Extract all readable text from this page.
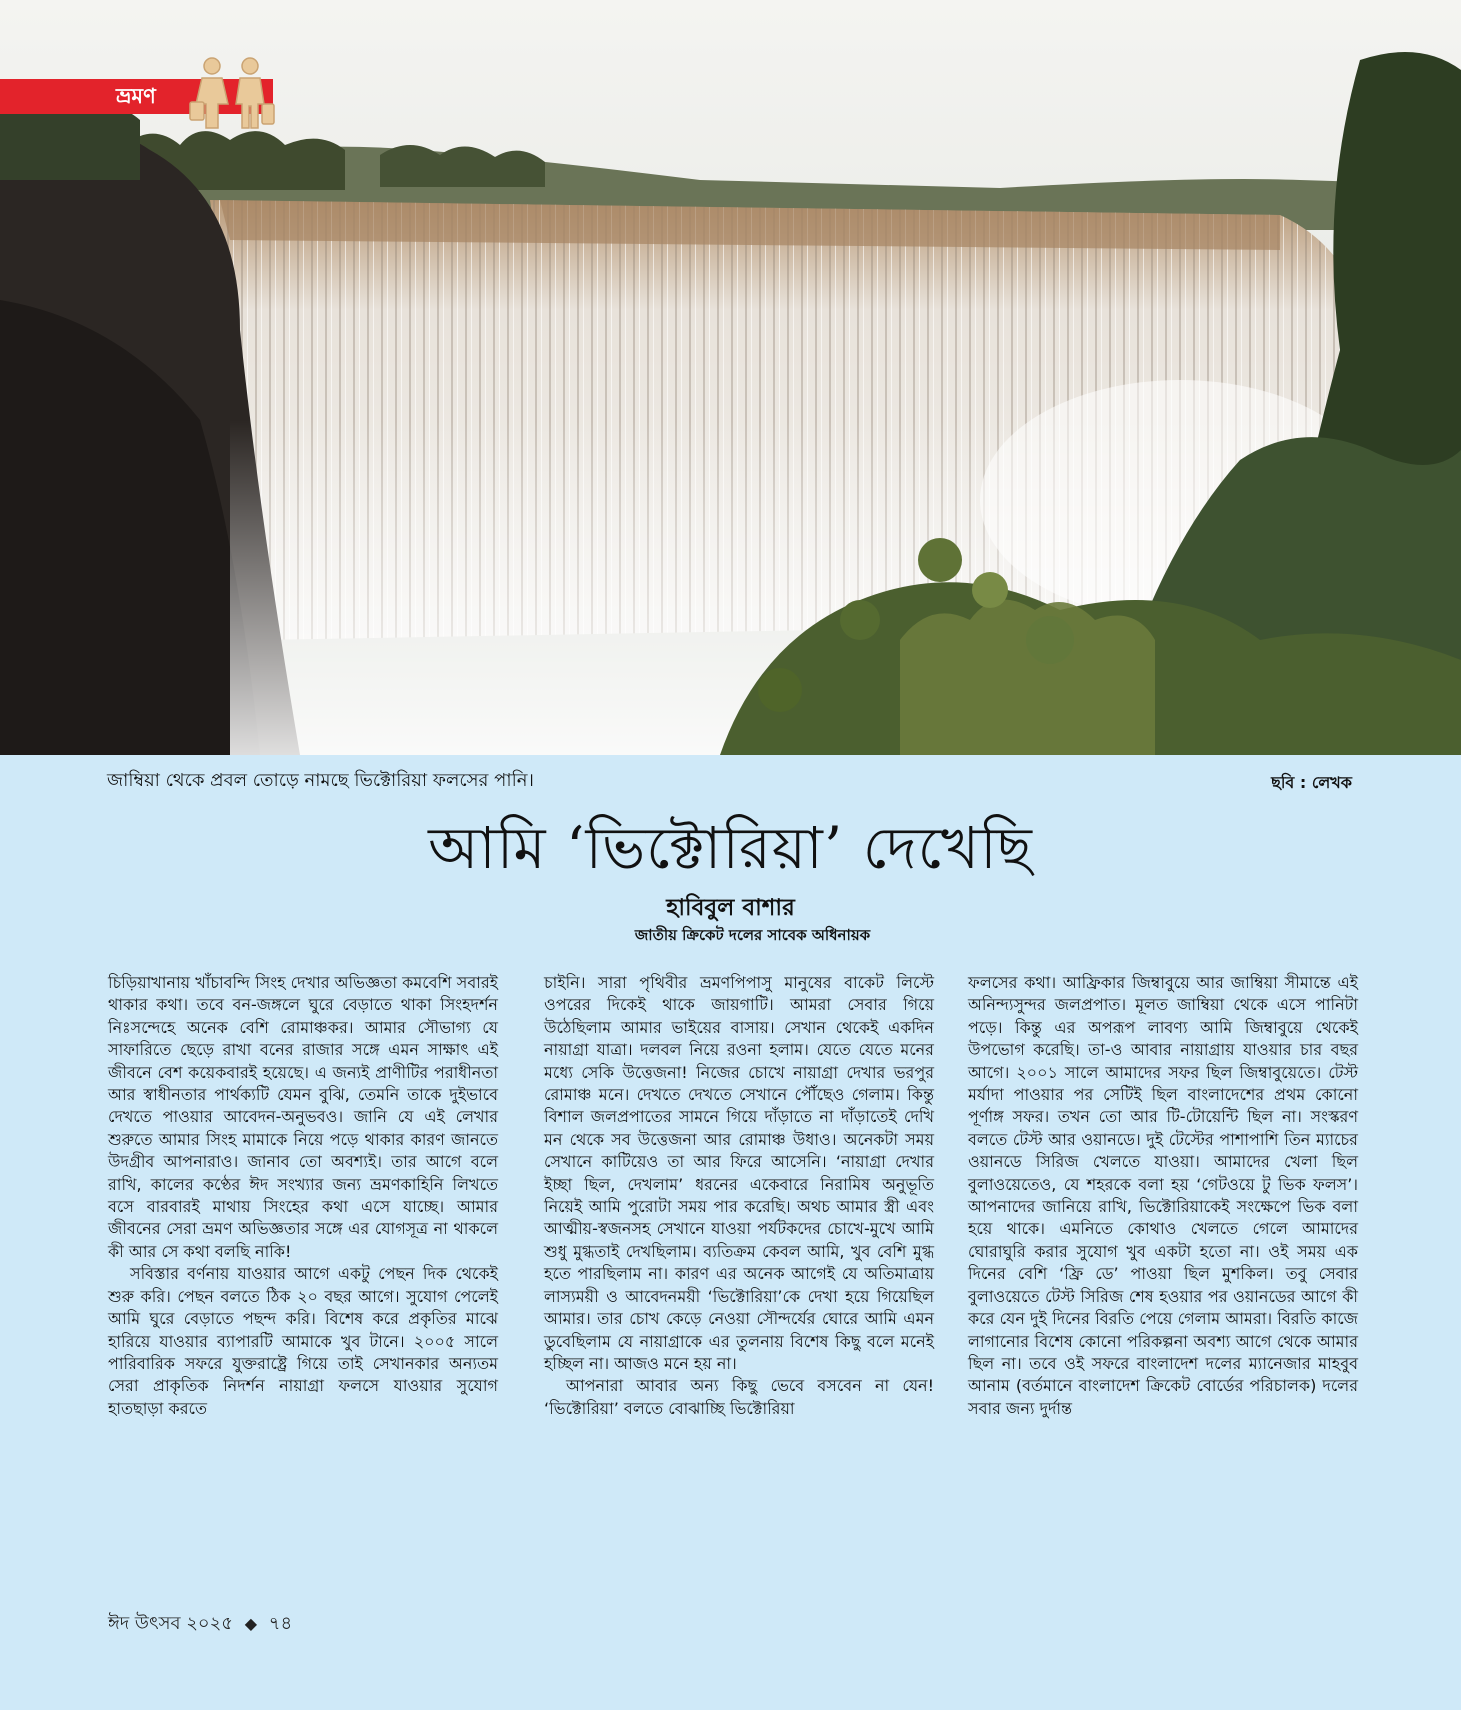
ভ্রমণ
জাম্বিয়া থেকে প্রবল তোড়ে নামছে ভিক্টোরিয়া ফলসের পানি।	ছবি : লেখক
আমি ‘ভিক্টোরিয়া’ দেখেছি
হাবিবুল বাশার
জাতীয় ক্রিকেট দলের সাবেক অধিনায়ক

চিড়িয়াখানায় খাঁচাবন্দি সিংহ দেখার অভিজ্ঞতা কমবেশি সবারই থাকার কথা। তবে বন-জঙ্গলে ঘুরে বেড়াতে থাকা সিংহদর্শন নিঃসন্দেহে অনেক বেশি রোমাঞ্চকর। আমার সৌভাগ্য যে সাফারিতে ছেড়ে রাখা বনের রাজার সঙ্গে এমন সাক্ষাৎ এই জীবনে বেশ কয়েকবারই হয়েছে। এ জন্যই প্রাণীটির পরাধীনতা আর স্বাধীনতার পার্থক্যটি যেমন বুঝি, তেমনি তাকে দুইভাবে দেখতে পাওয়ার আবেদন-অনুভবও। জানি যে এই লেখার শুরুতে আমার সিংহ মামাকে নিয়ে পড়ে থাকার কারণ জানতে উদগ্রীব আপনারাও। জানাব তো অবশ্যই। তার আগে বলে রাখি, কালের কণ্ঠের ঈদ সংখ্যার জন্য ভ্রমণকাহিনি লিখতে বসে বারবারই মাথায় সিংহের কথা এসে যাচ্ছে। আমার জীবনের সেরা ভ্রমণ অভিজ্ঞতার সঙ্গে এর যোগসূত্র না থাকলে কী আর সে কথা বলছি নাকি!

সবিস্তার বর্ণনায় যাওয়ার আগে একটু পেছন দিক থেকেই শুরু করি। পেছন বলতে ঠিক ২০ বছর আগে। সুযোগ পেলেই আমি ঘুরে বেড়াতে পছন্দ করি। বিশেষ করে প্রকৃতির মাঝে হারিয়ে যাওয়ার ব্যাপারটি আমাকে খুব টানে। ২০০৫ সালে পারিবারিক সফরে যুক্তরাষ্ট্রে গিয়ে তাই সেখানকার অন্যতম সেরা প্রাকৃতিক নিদর্শন নায়াগ্রা ফলসে যাওয়ার সুযোগ হাতছাড়া করতে

চাইনি। সারা পৃথিবীর ভ্রমণপিপাসু মানুষের বাকেট লিস্টে ওপরের দিকেই থাকে জায়গাটি। আমরা সেবার গিয়ে উঠেছিলাম আমার ভাইয়ের বাসায়। সেখান থেকেই একদিন নায়াগ্রা যাত্রা। দলবল নিয়ে রওনা হলাম। যেতে যেতে মনের মধ্যে সেকি উত্তেজনা! নিজের চোখে নায়াগ্রা দেখার ভরপুর রোমাঞ্চ মনে। দেখতে দেখতে সেখানে পৌঁছেও গেলাম। কিন্তু বিশাল জলপ্রপাতের সামনে গিয়ে দাঁড়াতে না দাঁড়াতেই দেখি মন থেকে সব উত্তেজনা আর রোমাঞ্চ উধাও। অনেকটা সময় সেখানে কাটিয়েও তা আর ফিরে আসেনি। ‘নায়াগ্রা দেখার ইচ্ছা ছিল, দেখলাম’ ধরনের একেবারে নিরামিষ অনুভূতি নিয়েই আমি পুরোটা সময় পার করেছি। অথচ আমার স্ত্রী এবং আত্মীয়-স্বজনসহ সেখানে যাওয়া পর্যটকদের চোখে-মুখে আমি শুধু মুগ্ধতাই দেখছিলাম। ব্যতিক্রম কেবল আমি, খুব বেশি মুগ্ধ হতে পারছিলাম না। কারণ এর অনেক আগেই যে অতিমাত্রায় লাস্যময়ী ও আবেদনময়ী ‘ভিক্টোরিয়া’কে দেখা হয়ে গিয়েছিল আমার। তার চোখ কেড়ে নেওয়া সৌন্দর্যের ঘোরে আমি এমন ডুবেছিলাম যে নায়াগ্রাকে এর তুলনায় বিশেষ কিছু বলে মনেই হচ্ছিল না। আজও মনে হয় না।

আপনারা আবার অন্য কিছু ভেবে বসবেন না যেন! ‘ভিক্টোরিয়া’ বলতে বোঝাচ্ছি ভিক্টোরিয়া

ফলসের কথা। আফ্রিকার জিম্বাবুয়ে আর জাম্বিয়া সীমান্তে এই অনিন্দ্যসুন্দর জলপ্রপাত। মূলত জাম্বিয়া থেকে এসে পানিটা পড়ে। কিন্তু এর অপরূপ লাবণ্য আমি জিম্বাবুয়ে থেকেই উপভোগ করেছি। তা-ও আবার নায়াগ্রায় যাওয়ার চার বছর আগে। ২০০১ সালে আমাদের সফর ছিল জিম্বাবুয়েতে। টেস্ট মর্যাদা পাওয়ার পর সেটিই ছিল বাংলাদেশের প্রথম কোনো পূর্ণাঙ্গ সফর। তখন তো আর টি-টোয়েন্টি ছিল না। সংস্করণ বলতে টেস্ট আর ওয়ানডে। দুই টেস্টের পাশাপাশি তিন ম্যাচের ওয়ানডে সিরিজ খেলতে যাওয়া। আমাদের খেলা ছিল বুলাওয়েতেও, যে শহরকে বলা হয় ‘গেটওয়ে টু ভিক ফলস’। আপনাদের জানিয়ে রাখি, ভিক্টোরিয়াকেই সংক্ষেপে ভিক বলা হয়ে থাকে। এমনিতে কোথাও খেলতে গেলে আমাদের ঘোরাঘুরি করার সুযোগ খুব একটা হতো না। ওই সময় এক দিনের বেশি ‘ফ্রি ডে’ পাওয়া ছিল মুশকিল। তবু সেবার বুলাওয়েতে টেস্ট সিরিজ শেষ হওয়ার পর ওয়ানডের আগে কী করে যেন দুই দিনের বিরতি পেয়ে গেলাম আমরা। বিরতি কাজে লাগানোর বিশেষ কোনো পরিকল্পনা অবশ্য আগে থেকে আমার ছিল না। তবে ওই সফরে বাংলাদেশ দলের ম্যানেজার মাহবুব আনাম (বর্তমানে বাংলাদেশ ক্রিকেট বোর্ডের পরিচালক) দলের সবার জন্য দুর্দান্ত

ঈদ উৎসব ২০২৫ ◆ ৭৪
